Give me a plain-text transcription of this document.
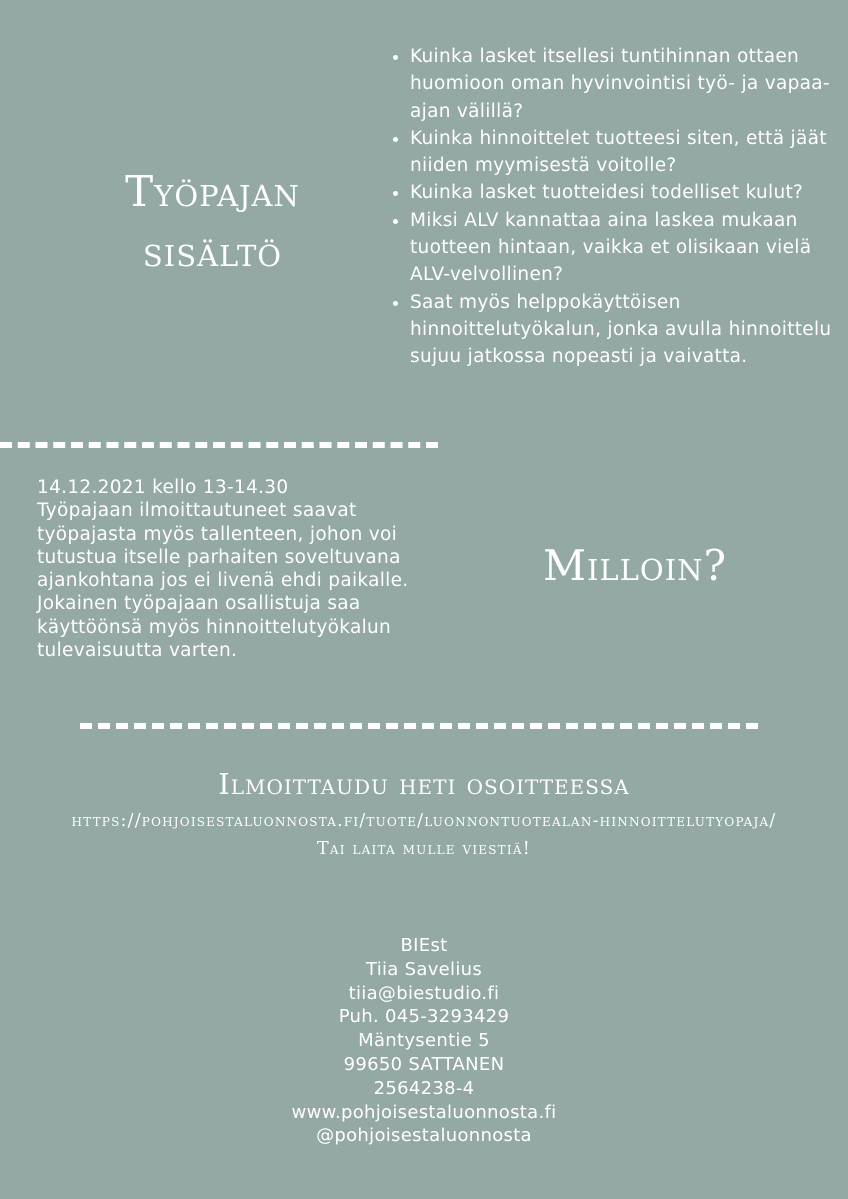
Työpajan sisältö
• Kuinka lasket itsellesi tuntihinnan ottaen huomioon oman hyvinvointisi työ- ja vapaa-ajan välillä?
• Kuinka hinnoittelet tuotteesi siten, että jäät niiden myymisestä voitolle?
• Kuinka lasket tuotteidesi todelliset kulut?
• Miksi ALV kannattaa aina laskea mukaan tuotteen hintaan, vaikka et olisikaan vielä ALV-velvollinen?
• Saat myös helppokäyttöisen hinnoittelutyökalun, jonka avulla hinnoittelu sujuu jatkossa nopeasti ja vaivatta.

14.12.2021 kello 13-14.30

Työpajaan ilmoittautuneet saavat työpajasta myös tallenteen, johon voi tutustua itselle parhaiten soveltuvana ajankohtana jos ei livenä ehdi paikalle. Jokainen työpajaan osallistuja saa käyttöönsä myös hinnoittelutyökalun tulevaisuutta varten.

Milloin?
Ilmoittaudu heti osoitteessa

https://pohjoisestaluonnosta.fi/tuote/luonnontuotealan-hinnoittelutyopaja/

Tai laita mulle viestiä!

BIEst
Tiia Savelius
tiia@biestudio.fi
Puh. 045-3293429
Mäntysentie 5
99650 SATTANEN
2564238-4
www.pohjoisestaluonnosta.fi
@pohjoisestaluonnosta
